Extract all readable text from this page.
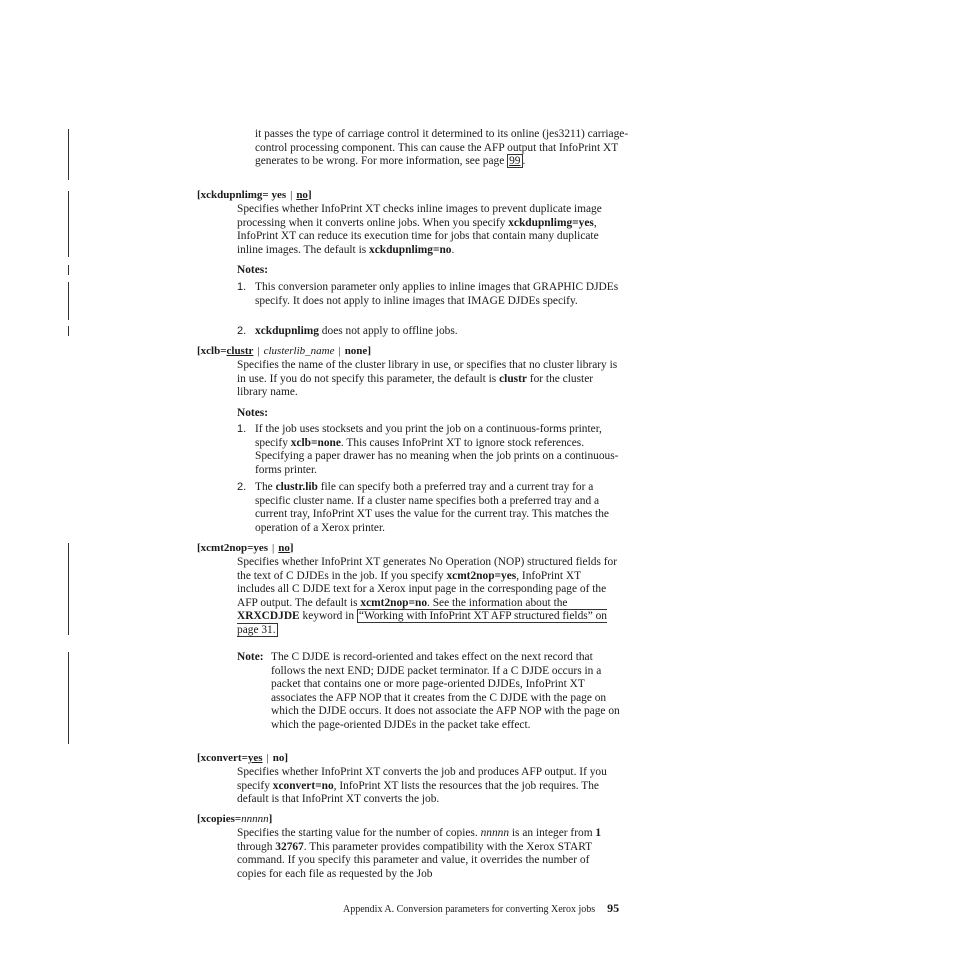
it passes the type of carriage control it determined to its online (jes3211) carriage-control processing component. This can cause the AFP output that InfoPrint XT generates to be wrong. For more information, see page 99 .
[xckdupnlimg= yes | no]

Specifies whether InfoPrint XT checks inline images to prevent duplicate image processing when it converts online jobs. When you specify xckdupnlimg=yes, InfoPrint XT can reduce its execution time for jobs that contain many duplicate inline images. The default is xckdupnlimg=no.

Notes:
1. This conversion parameter only applies to inline images that GRAPHIC DJDEs specify. It does not apply to inline images that IMAGE DJDEs specify.
2. xckdupnlimg does not apply to offline jobs.
[xclb=clustr | clusterlib_name | none]

Specifies the name of the cluster library in use, or specifies that no cluster library is in use. If you do not specify this parameter, the default is clustr for the cluster library name.

Notes:
1. If the job uses stocksets and you print the job on a continuous-forms printer, specify xclb=none. This causes InfoPrint XT to ignore stock references. Specifying a paper drawer has no meaning when the job prints on a continuous-forms printer.
2. The clustr.lib file can specify both a preferred tray and a current tray for a specific cluster name. If a cluster name specifies both a preferred tray and a current tray, InfoPrint XT uses the value for the current tray. This matches the operation of a Xerox printer.
[xcmt2nop=yes | no]

Specifies whether InfoPrint XT generates No Operation (NOP) structured fields for the text of C DJDEs in the job. If you specify xcmt2nop=yes, InfoPrint XT includes all C DJDE text for a Xerox input page in the corresponding page of the AFP output. The default is xcmt2nop=no. See the information about the XRXCDJDE keyword in “Working with InfoPrint XT AFP structured fields” on page 31.

Note: The C DJDE is record-oriented and takes effect on the next record that follows the next END; DJDE packet terminator. If a C DJDE occurs in a packet that contains one or more page-oriented DJDEs, InfoPrint XT associates the AFP NOP that it creates from the C DJDE with the page on which the DJDE occurs. It does not associate the AFP NOP with the page on which the page-oriented DJDEs in the packet take effect.
[xconvert=yes | no]

Specifies whether InfoPrint XT converts the job and produces AFP output. If you specify xconvert=no, InfoPrint XT lists the resources that the job requires. The default is that InfoPrint XT converts the job.

[xcopies=nnnnn]

Specifies the starting value for the number of copies. nnnnn is an integer from 1 through 32767. This parameter provides compatibility with the Xerox START command. If you specify this parameter and value, it overrides the number of copies for each file as requested by the Job

Appendix A. Conversion parameters for converting Xerox jobs 95
